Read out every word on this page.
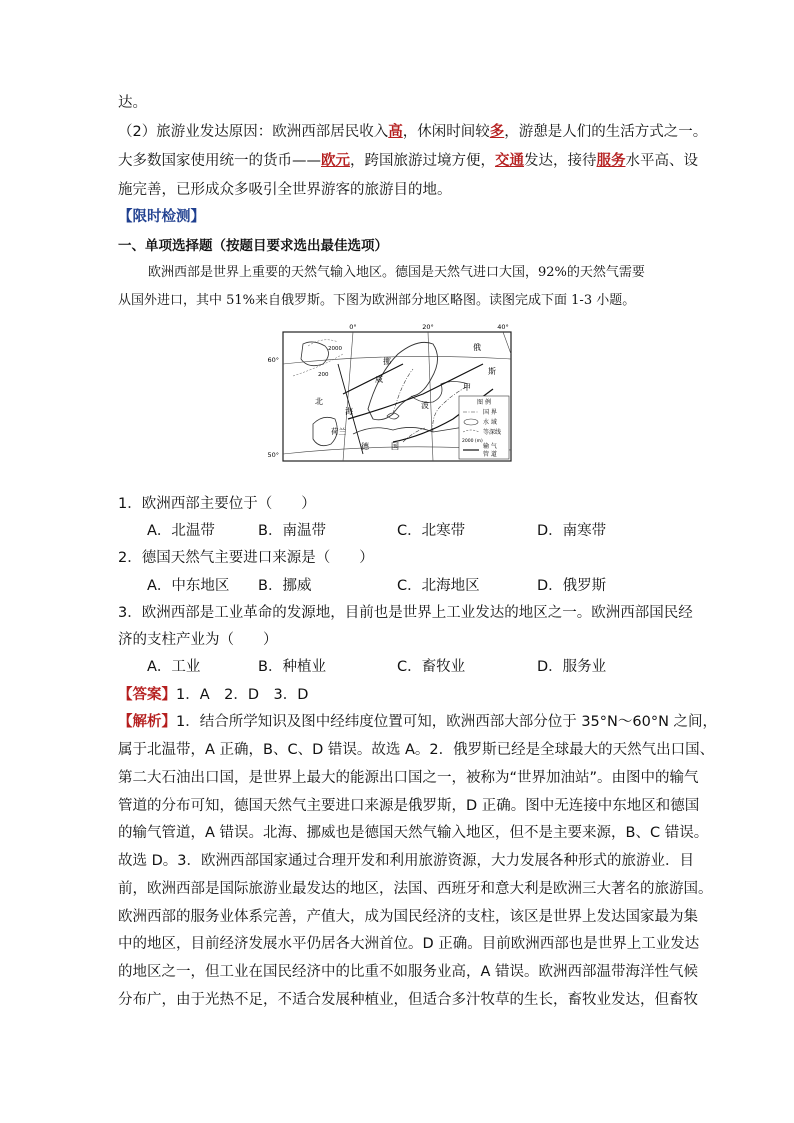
达。
（2）旅游业发达原因：欧洲西部居民收入高，休闲时间较多，游憩是人们的生活方式之一。
大多数国家使用统一的货币——欧元，跨国旅游过境方便，交通发达，接待服务水平高、设
施完善，已形成众多吸引全世界游客的旅游目的地。
【限时检测】
一、单项选择题（按题目要求选出最佳选项）
欧洲西部是世界上重要的天然气输入地区。德国是天然气进口大国，92%的天然气需要
从国外进口，其中 51%来自俄罗斯。下图为欧洲部分地区略图。读图完成下面 1-3 小题。
0°	20°	40°
60°
50°
2000
200
挪
威
俄
斯
甲
北
海
荷兰
德	国
波	图 例
国 界
水 域
等深线
2000 (m)
输 气
管 道
1．欧洲西部主要位于（　　）
A．北温带	B．南温带	C．北寒带	D．南寒带
2．德国天然气主要进口来源是（　　）
A．中东地区 B．挪威	C．北海地区	D．俄罗斯
3．欧洲西部是工业革命的发源地，目前也是世界上工业发达的地区之一。欧洲西部国民经
济的支柱产业为（　　）
A．工业	B．种植业	C．畜牧业	D．服务业
【答案】1．A　2．D　3．D
【解析】1．结合所学知识及图中经纬度位置可知，欧洲西部大部分位于 35°N～60°N 之间，
属于北温带，A 正确，B、C、D 错误。故选 A。2．俄罗斯已经是全球最大的天然气出口国、
第二大石油出口国，是世界上最大的能源出口国之一，被称为“世界加油站”。由图中的输气
管道的分布可知，德国天然气主要进口来源是俄罗斯，D 正确。图中无连接中东地区和德国
的输气管道，A 错误。北海、挪威也是德国天然气输入地区，但不是主要来源，B、C 错误。
故选 D。3．欧洲西部国家通过合理开发和利用旅游资源，大力发展各种形式的旅游业．目
前，欧洲西部是国际旅游业最发达的地区，法国、西班牙和意大利是欧洲三大著名的旅游国。
欧洲西部的服务业体系完善，产值大，成为国民经济的支柱，该区是世界上发达国家最为集
中的地区，目前经济发展水平仍居各大洲首位。D 正确。目前欧洲西部也是世界上工业发达
的地区之一，但工业在国民经济中的比重不如服务业高，A 错误。欧洲西部温带海洋性气候
分布广，由于光热不足，不适合发展种植业，但适合多汁牧草的生长，畜牧业发达，但畜牧
